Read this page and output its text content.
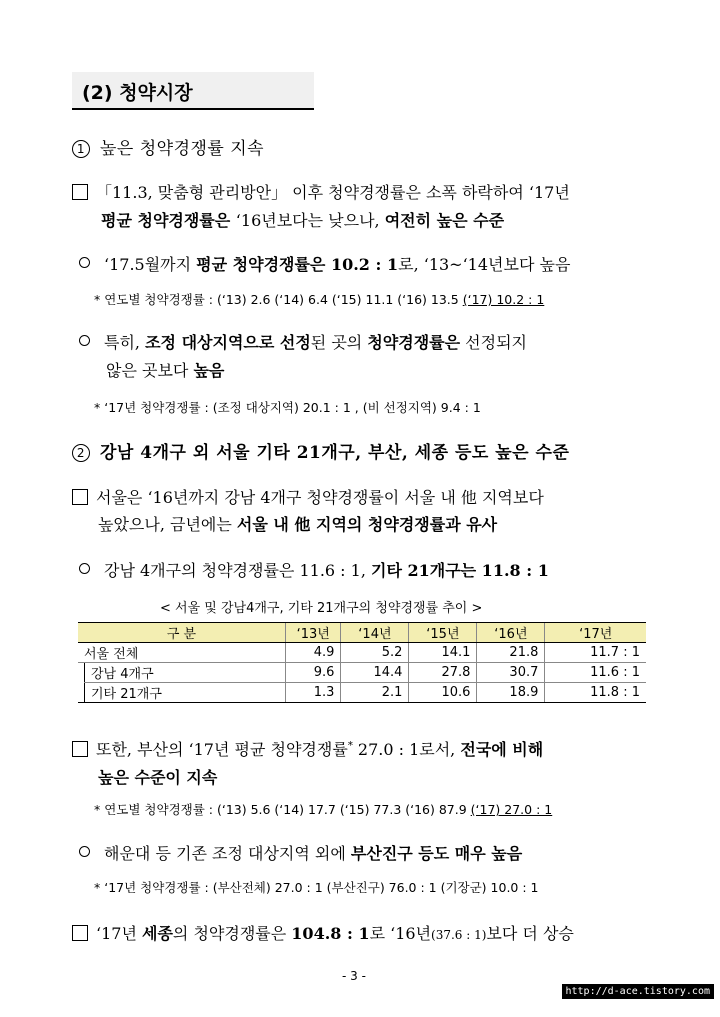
(2) 청약시장
1 높은 청약경쟁률 지속
「11.3, 맞춤형 관리방안」 이후 청약경쟁률은 소폭 하락하여 ‘17년
평균 청약경쟁률은 ‘16년보다는 낮으나, 여전히 높은 수준
‘17.5월까지 평균 청약경쟁률은 10.2 : 1로, ‘13~‘14년보다 높음
* 연도별 청약경쟁률 : (‘13) 2.6 (‘14) 6.4 (‘15) 11.1 (‘16) 13.5 (‘17) 10.2 : 1
특히, 조정 대상지역으로 선정된 곳의 청약경쟁률은 선정되지
않은 곳보다 높음
* ‘17년 청약경쟁률 : (조정 대상지역) 20.1 : 1 , (비 선정지역) 9.4 : 1
2 강남 4개구 외 서울 기타 21개구, 부산, 세종 등도 높은 수준
서울은 ‘16년까지 강남 4개구 청약경쟁률이 서울 내 他 지역보다
높았으나, 금년에는 서울 내 他 지역의 청약경쟁률과 유사
강남 4개구의 청약경쟁률은 11.6 : 1, 기타 21개구는 11.8 : 1
< 서울 및 강남4개구, 기타 21개구의 청약경쟁률 추이 >
구 분		‘13년	‘14년	‘15년	‘16년	‘17년
서울 전체		4.9	5.2	14.1	21.8	11.7 : 1
	강남 4개구	9.6	14.4	27.8	30.7	11.6 : 1
	기타 21개구	1.3	2.1	10.6	18.9	11.8 : 1
또한, 부산의 ‘17년 평균 청약경쟁률* 27.0 : 1로서, 전국에 비해
높은 수준이 지속
* 연도별 청약경쟁률 : (‘13) 5.6 (‘14) 17.7 (‘15) 77.3 (‘16) 87.9 (‘17) 27.0 : 1
해운대 등 기존 조정 대상지역 외에 부산진구 등도 매우 높음
* ‘17년 청약경쟁률 : (부산전체) 27.0 : 1 (부산진구) 76.0 : 1 (기장군) 10.0 : 1
‘17년 세종의 청약경쟁률은 104.8 : 1로 ‘16년(37.6 : 1)보다 더 상승
- 3 -
http://d-ace.tistory.com
